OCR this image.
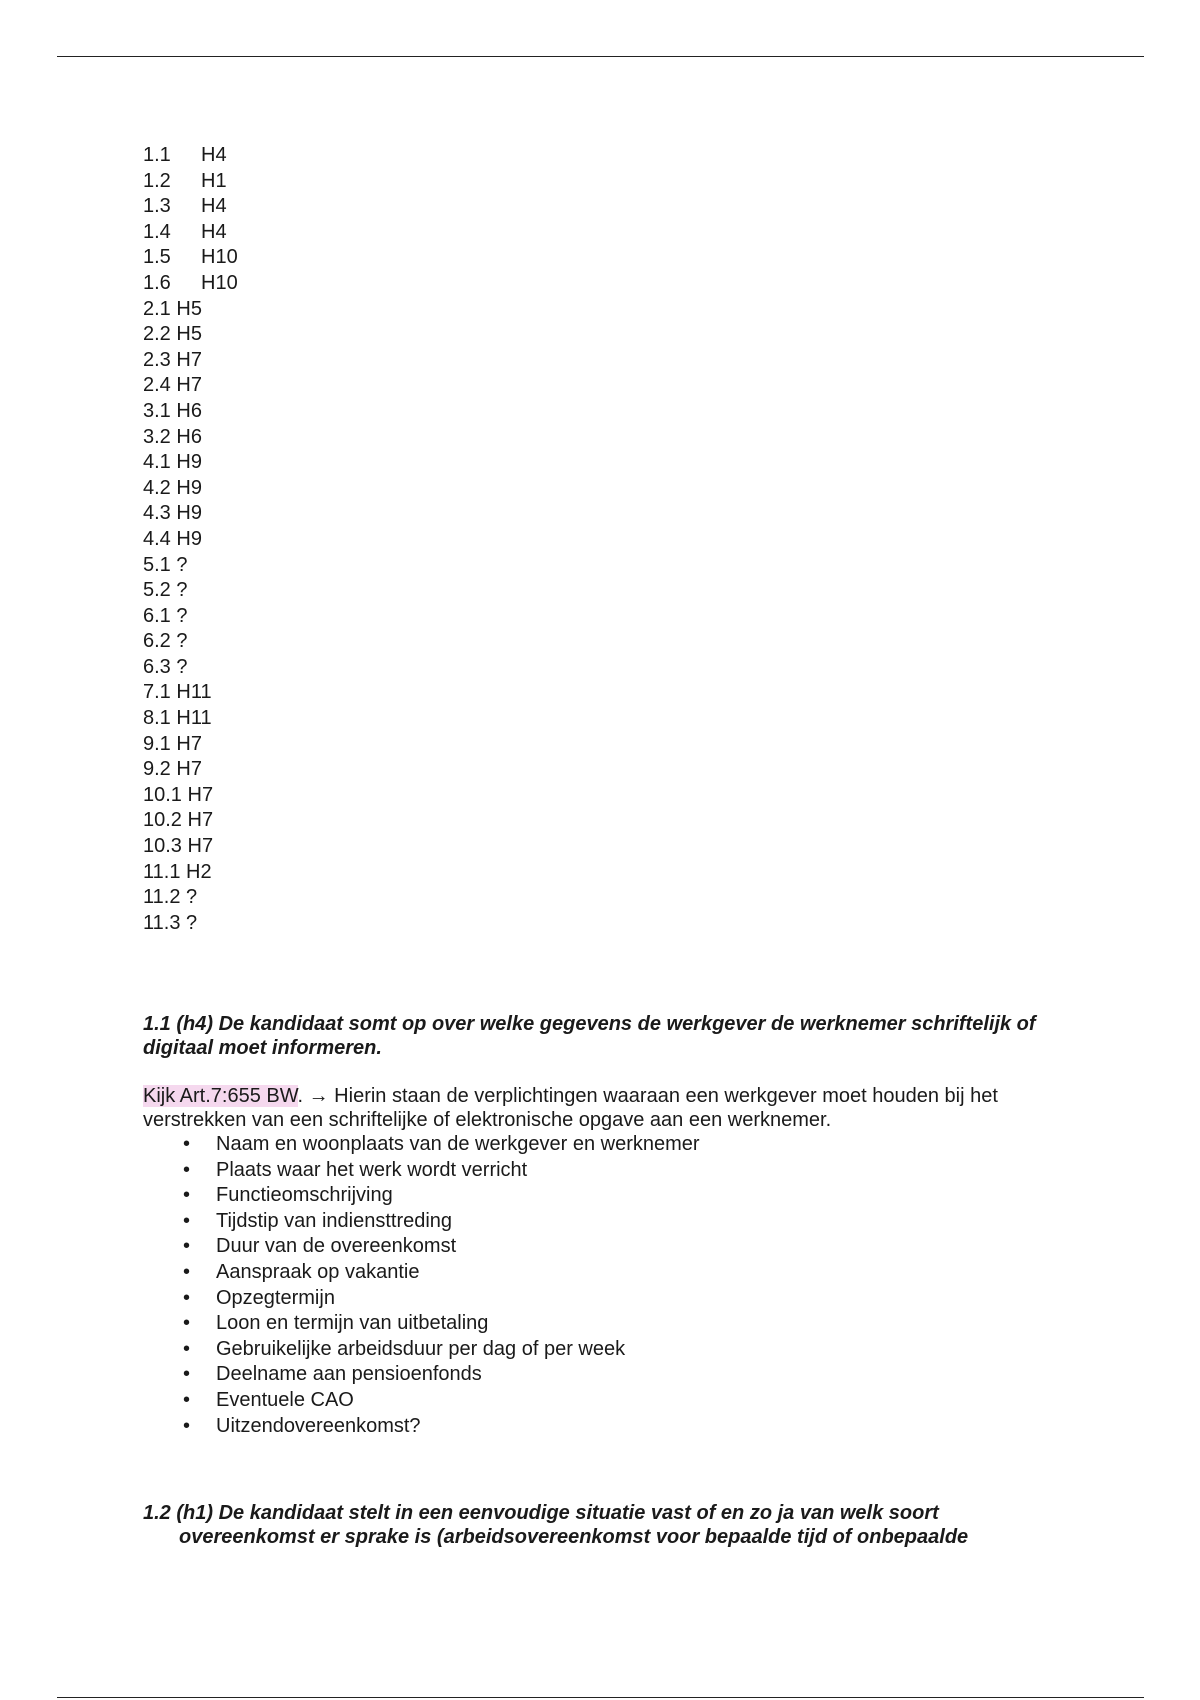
1.1	H4
1.2	H1
1.3	H4
1.4	H4
1.5	H10
1.6	H10
2.1 H5
2.2 H5
2.3 H7
2.4 H7
3.1 H6
3.2 H6
4.1 H9
4.2 H9
4.3 H9
4.4 H9
5.1 ?
5.2 ?
6.1 ?
6.2 ?
6.3 ?
7.1 H11
8.1 H11
9.1 H7
9.2 H7
10.1 H7
10.2 H7
10.3 H7
11.1 H2
11.2 ?
11.3 ?

1.1 (h4) De kandidaat somt op over welke gegevens de werkgever de werknemer schriftelijk of digitaal moet informeren.

Kijk Art.7:655 BW. → Hierin staan de verplichtingen waaraan een werkgever moet houden bij het verstrekken van een schriftelijke of elektronische opgave aan een werknemer.

• Naam en woonplaats van de werkgever en werknemer
• Plaats waar het werk wordt verricht
• Functieomschrijving
• Tijdstip van indiensttreding
• Duur van de overeenkomst
• Aanspraak op vakantie
• Opzegtermijn
• Loon en termijn van uitbetaling
• Gebruikelijke arbeidsduur per dag of per week
• Deelname aan pensioenfonds
• Eventuele CAO
• Uitzendovereenkomst?

1.2 (h1) De kandidaat stelt in een eenvoudige situatie vast of en zo ja van welk soort overeenkomst er sprake is (arbeidsovereenkomst voor bepaalde tijd of onbepaalde
